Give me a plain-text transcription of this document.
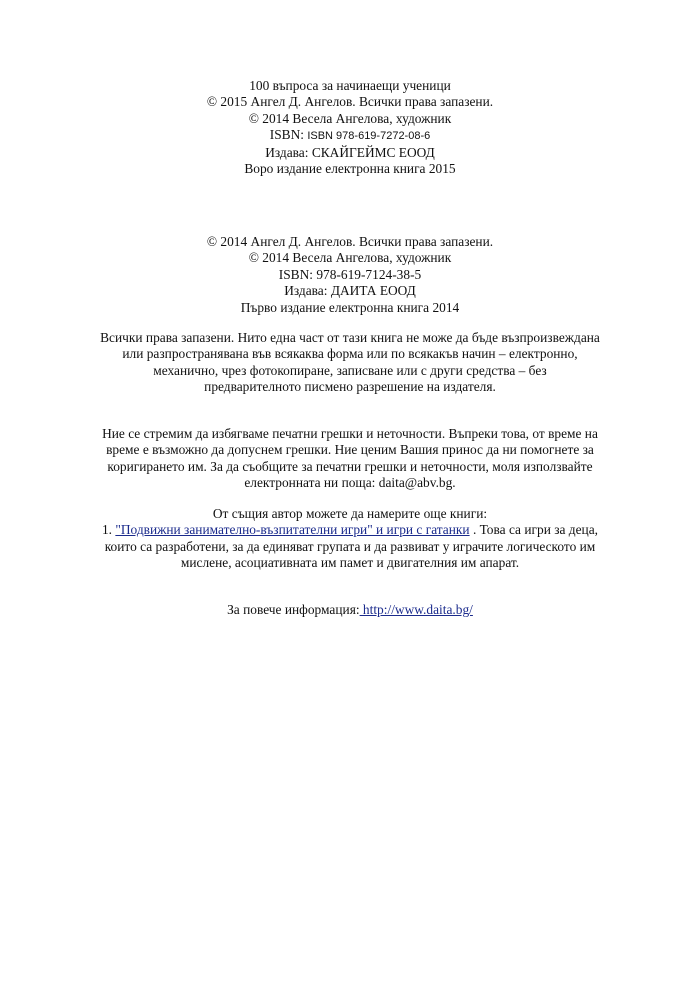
100 въпроса за начинаещи ученици
© 2015 Ангел Д. Ангелов. Всички права запазени.
© 2014 Весела Ангелова, художник
ISBN: ISBN 978-619-7272-08-6
Издава: СКАЙГЕЙМС ЕООД
Воро издание електронна книга 2015
© 2014 Ангел Д. Ангелов. Всички права запазени.
© 2014 Весела Ангелова, художник
ISBN: 978-619-7124-38-5
Издава: ДАИТА ЕООД
Първо издание електронна книга 2014
Всички права запазени. Нито една част от тази книга не може да бъде възпроизвеждана
или разпространявана във всякаква форма или по всякакъв начин – електронно,
механично, чрез фотокопиране, записване или с други средства – без
предварителното писмено разрешение на издателя.
Ние се стремим да избягваме печатни грешки и неточности. Въпреки това, от време на
време е възможно да допуснем грешки. Ние ценим Вашия принос да ни помогнете за
коригирането им. За да съобщите за печатни грешки и неточности, моля използвайте
електронната ни поща: daita@abv.bg.
От същия автор можете да намерите още книги:
1. "Подвижни занимателно-възпитателни игри" и игри с гатанки . Това са игри за деца,
които са разработени, за да единяват групата и да развиват у играчите логическото им
мислене, асоциативната им памет и двигателния им апарат.
За повече информация: http://www.daita.bg/
